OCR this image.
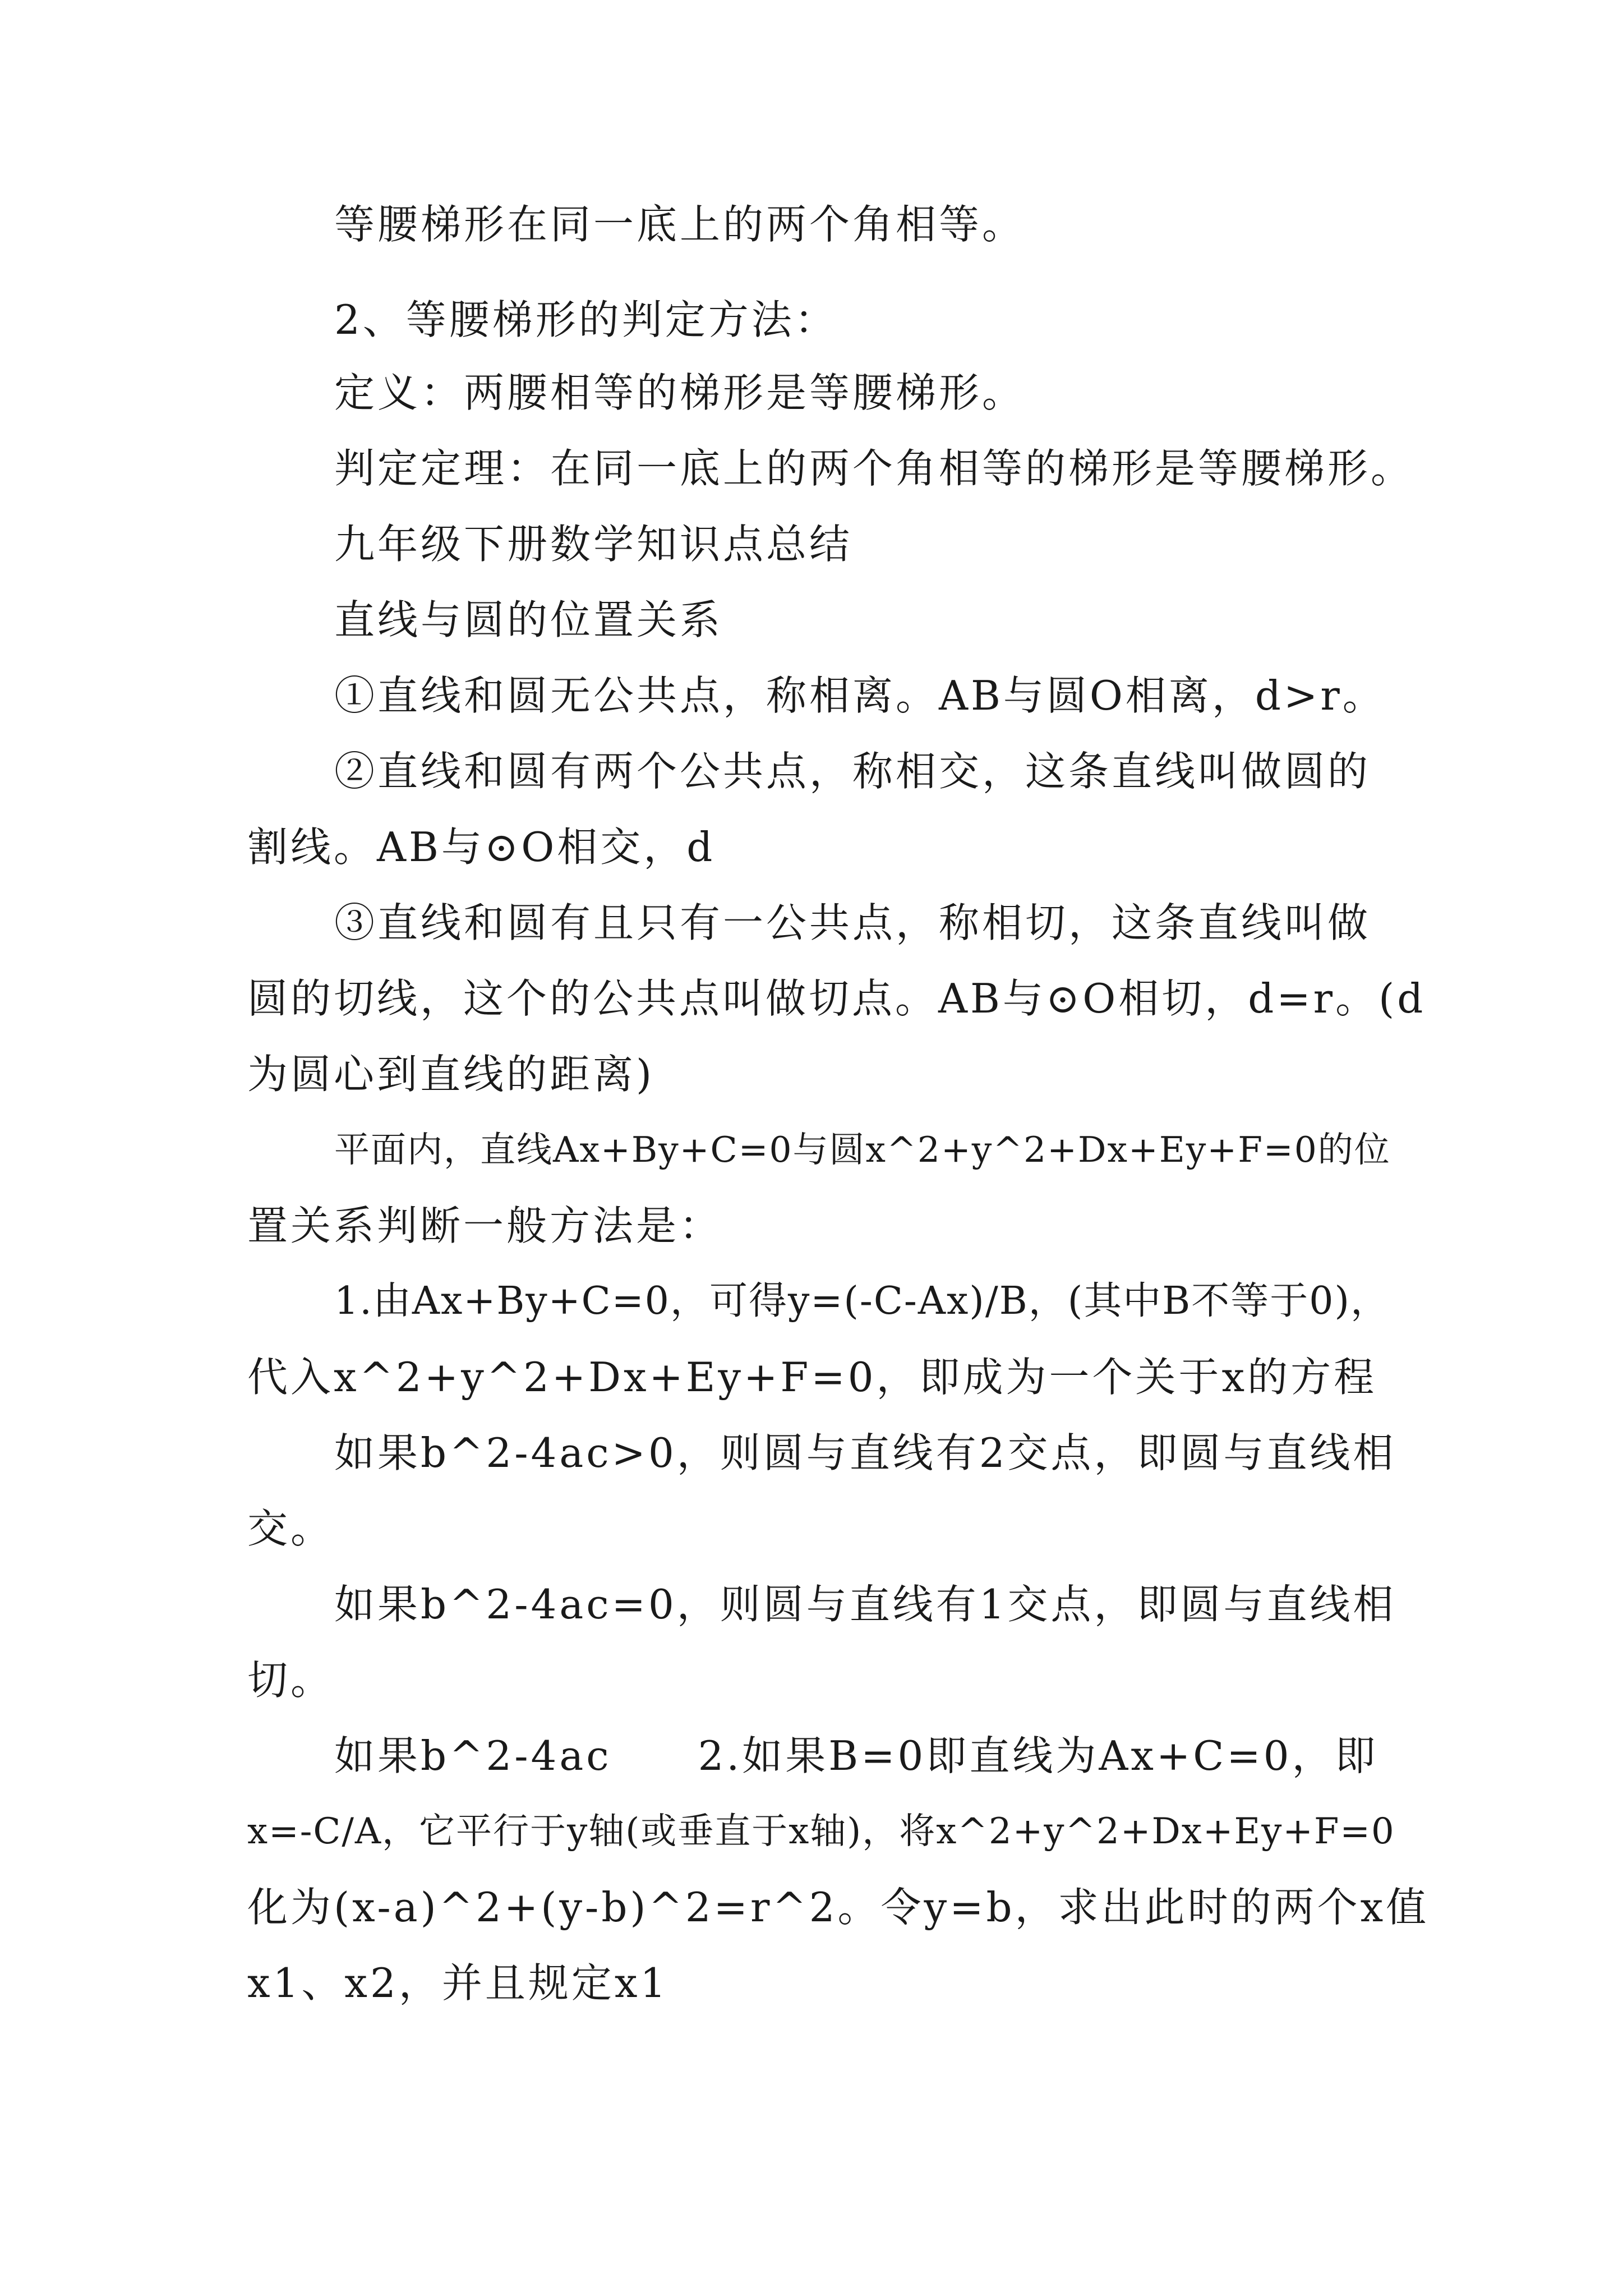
等腰梯形在同一底上的两个角相等。
2、等腰梯形的判定方法：
定义：两腰相等的梯形是等腰梯形。
判定定理：在同一底上的两个角相等的梯形是等腰梯形。
九年级下册数学知识点总结
直线与圆的位置关系
①直线和圆无公共点，称相离。AB与圆O相离，d>r。
②直线和圆有两个公共点，称相交，这条直线叫做圆的
割线。AB与⊙O相交，d
③直线和圆有且只有一公共点，称相切，这条直线叫做
圆的切线，这个的公共点叫做切点。AB与⊙O相切，d=r。(d
为圆心到直线的距离)
平面内，直线Ax+By+C=0与圆x^2+y^2+Dx+Ey+F=0的位
置关系判断一般方法是：
1.由Ax+By+C=0，可得y=(-C-Ax)/B，(其中B不等于0)，
代入x^2+y^2+Dx+Ey+F=0，即成为一个关于x的方程
如果b^2-4ac>0，则圆与直线有2交点，即圆与直线相
交。
如果b^2-4ac=0，则圆与直线有1交点，即圆与直线相
切。
如果b^2-4ac　　2.如果B=0即直线为Ax+C=0，即
x=-C/A，它平行于y轴(或垂直于x轴)，将x^2+y^2+Dx+Ey+F=0
化为(x-a)^2+(y-b)^2=r^2。令y=b，求出此时的两个x值
x1、x2，并且规定x1
